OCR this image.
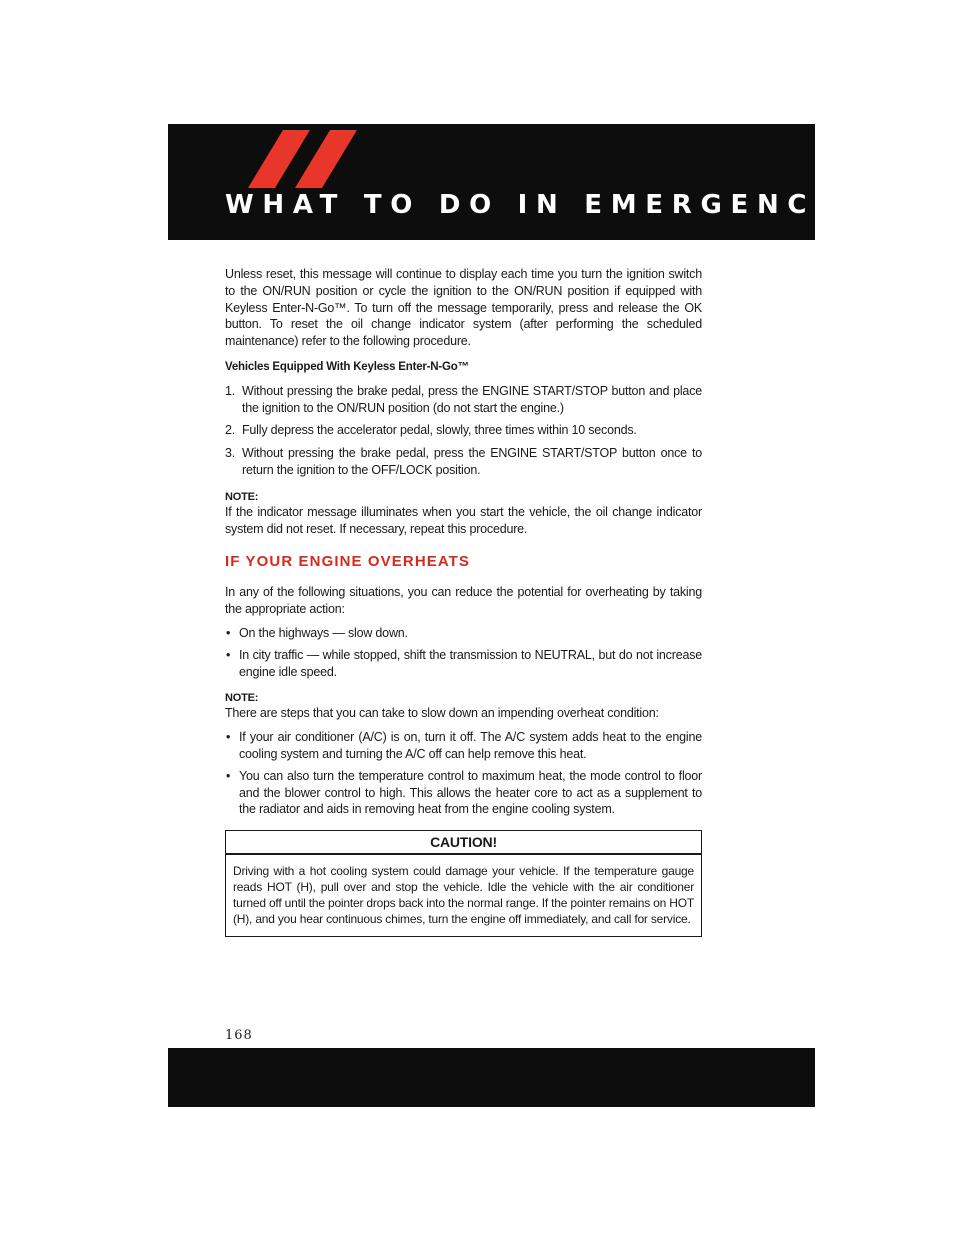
WHAT TO DO IN EMERGENCIES

Unless reset, this message will continue to display each time you turn the ignition switch to the ON/RUN position or cycle the ignition to the ON/RUN position if equipped with Keyless Enter-N-Go™. To turn off the message temporarily, press and release the OK button. To reset the oil change indicator system (after performing the scheduled maintenance) refer to the following procedure.

Vehicles Equipped With Keyless Enter-N-Go™

1. Without pressing the brake pedal, press the ENGINE START/STOP button and place the ignition to the ON/RUN position (do not start the engine.)
2. Fully depress the accelerator pedal, slowly, three times within 10 seconds.
3. Without pressing the brake pedal, press the ENGINE START/STOP button once to return the ignition to the OFF/LOCK position.

NOTE:

If the indicator message illuminates when you start the vehicle, the oil change indicator system did not reset. If necessary, repeat this procedure.

IF YOUR ENGINE OVERHEATS

In any of the following situations, you can reduce the potential for overheating by taking the appropriate action:

• On the highways — slow down.
• In city traffic — while stopped, shift the transmission to NEUTRAL, but do not increase engine idle speed.

NOTE:

There are steps that you can take to slow down an impending overheat condition:

• If your air conditioner (A/C) is on, turn it off. The A/C system adds heat to the engine cooling system and turning the A/C off can help remove this heat.
• You can also turn the temperature control to maximum heat, the mode control to floor and the blower control to high. This allows the heater core to act as a supplement to the radiator and aids in removing heat from the engine cooling system.
CAUTION!
Driving with a hot cooling system could damage your vehicle. If the temperature gauge reads HOT (H), pull over and stop the vehicle. Idle the vehicle with the air conditioner turned off until the pointer drops back into the normal range. If the pointer remains on HOT (H), and you hear continuous chimes, turn the engine off immediately, and call for service.
168
